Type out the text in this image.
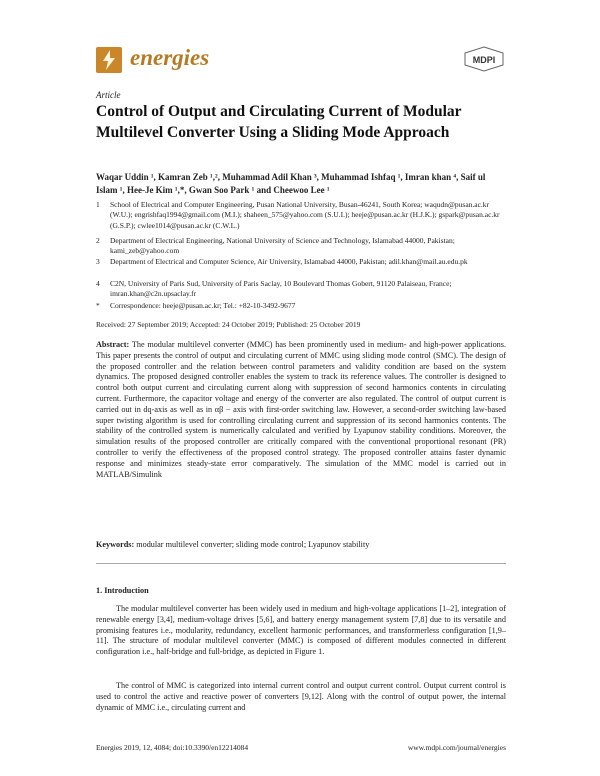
energies	MDPI
Article
Control of Output and Circulating Current of Modular Multilevel Converter Using a Sliding Mode Approach
Waqar Uddin ¹, Kamran Zeb ¹,², Muhammad Adil Khan ³, Muhammad Ishfaq ¹, Imran khan ⁴, Saif ul Islam ¹, Hee-Je Kim ¹,*, Gwan Soo Park ¹ and Cheewoo Lee ¹
1	School of Electrical and Computer Engineering, Pusan National University, Busan-46241, South Korea; waqudn@pusan.ac.kr (W.U.); engrishfaq1994@gmail.com (M.I.); shaheen_575@yahoo.com (S.U.I.); heeje@pusan.ac.kr (H.J.K.); gspark@pusan.ac.kr (G.S.P.); cwlee1014@pusan.ac.kr (C.W.L.)
2	Department of Electrical Engineering, National University of Science and Technology, Islamabad 44000, Pakistan; kami_zeb@yahoo.com
3	Department of Electrical and Computer Science, Air University, Islamabad 44000, Pakistan; adil.khan@mail.au.edu.pk
4	C2N, University of Paris Sud, University of Paris Saclay, 10 Boulevard Thomas Gobert, 91120 Palaiseau, France; imran.khan@c2n.upsaclay.fr
*	Correspondence: heeje@pusan.ac.kr; Tel.: +82-10-3492-9677
Received: 27 September 2019; Accepted: 24 October 2019; Published: 25 October 2019
Abstract: The modular multilevel converter (MMC) has been prominently used in medium- and high-power applications. This paper presents the control of output and circulating current of MMC using sliding mode control (SMC). The design of the proposed controller and the relation between control parameters and validity condition are based on the system dynamics. The proposed designed controller enables the system to track its reference values. The controller is designed to control both output current and circulating current along with suppression of second harmonics contents in circulating current. Furthermore, the capacitor voltage and energy of the converter are also regulated. The control of output current is carried out in dq-axis as well as in αβ − axis with first-order switching law. However, a second-order switching law-based super twisting algorithm is used for controlling circulating current and suppression of its second harmonics contents. The stability of the controlled system is numerically calculated and verified by Lyapunov stability conditions. Moreover, the simulation results of the proposed controller are critically compared with the conventional proportional resonant (PR) controller to verify the effectiveness of the proposed control strategy. The proposed controller attains faster dynamic response and minimizes steady-state error comparatively. The simulation of the MMC model is carried out in MATLAB/Simulink
Keywords: modular multilevel converter; sliding mode control; Lyapunov stability
1. Introduction
The modular multilevel converter has been widely used in medium and high-voltage applications [1–2], integration of renewable energy [3,4], medium-voltage drives [5,6], and battery energy management system [7,8] due to its versatile and promising features i.e., modularity, redundancy, excellent harmonic performances, and transformerless configuration [1,9–11]. The structure of modular multilevel converter (MMC) is composed of different modules connected in different configuration i.e., half-bridge and full-bridge, as depicted in Figure 1.
The control of MMC is categorized into internal current control and output current control. Output current control is used to control the active and reactive power of converters [9,12]. Along with the control of output power, the internal dynamic of MMC i.e., circulating current and
Energies 2019, 12, 4084; doi:10.3390/en12214084	www.mdpi.com/journal/energies
